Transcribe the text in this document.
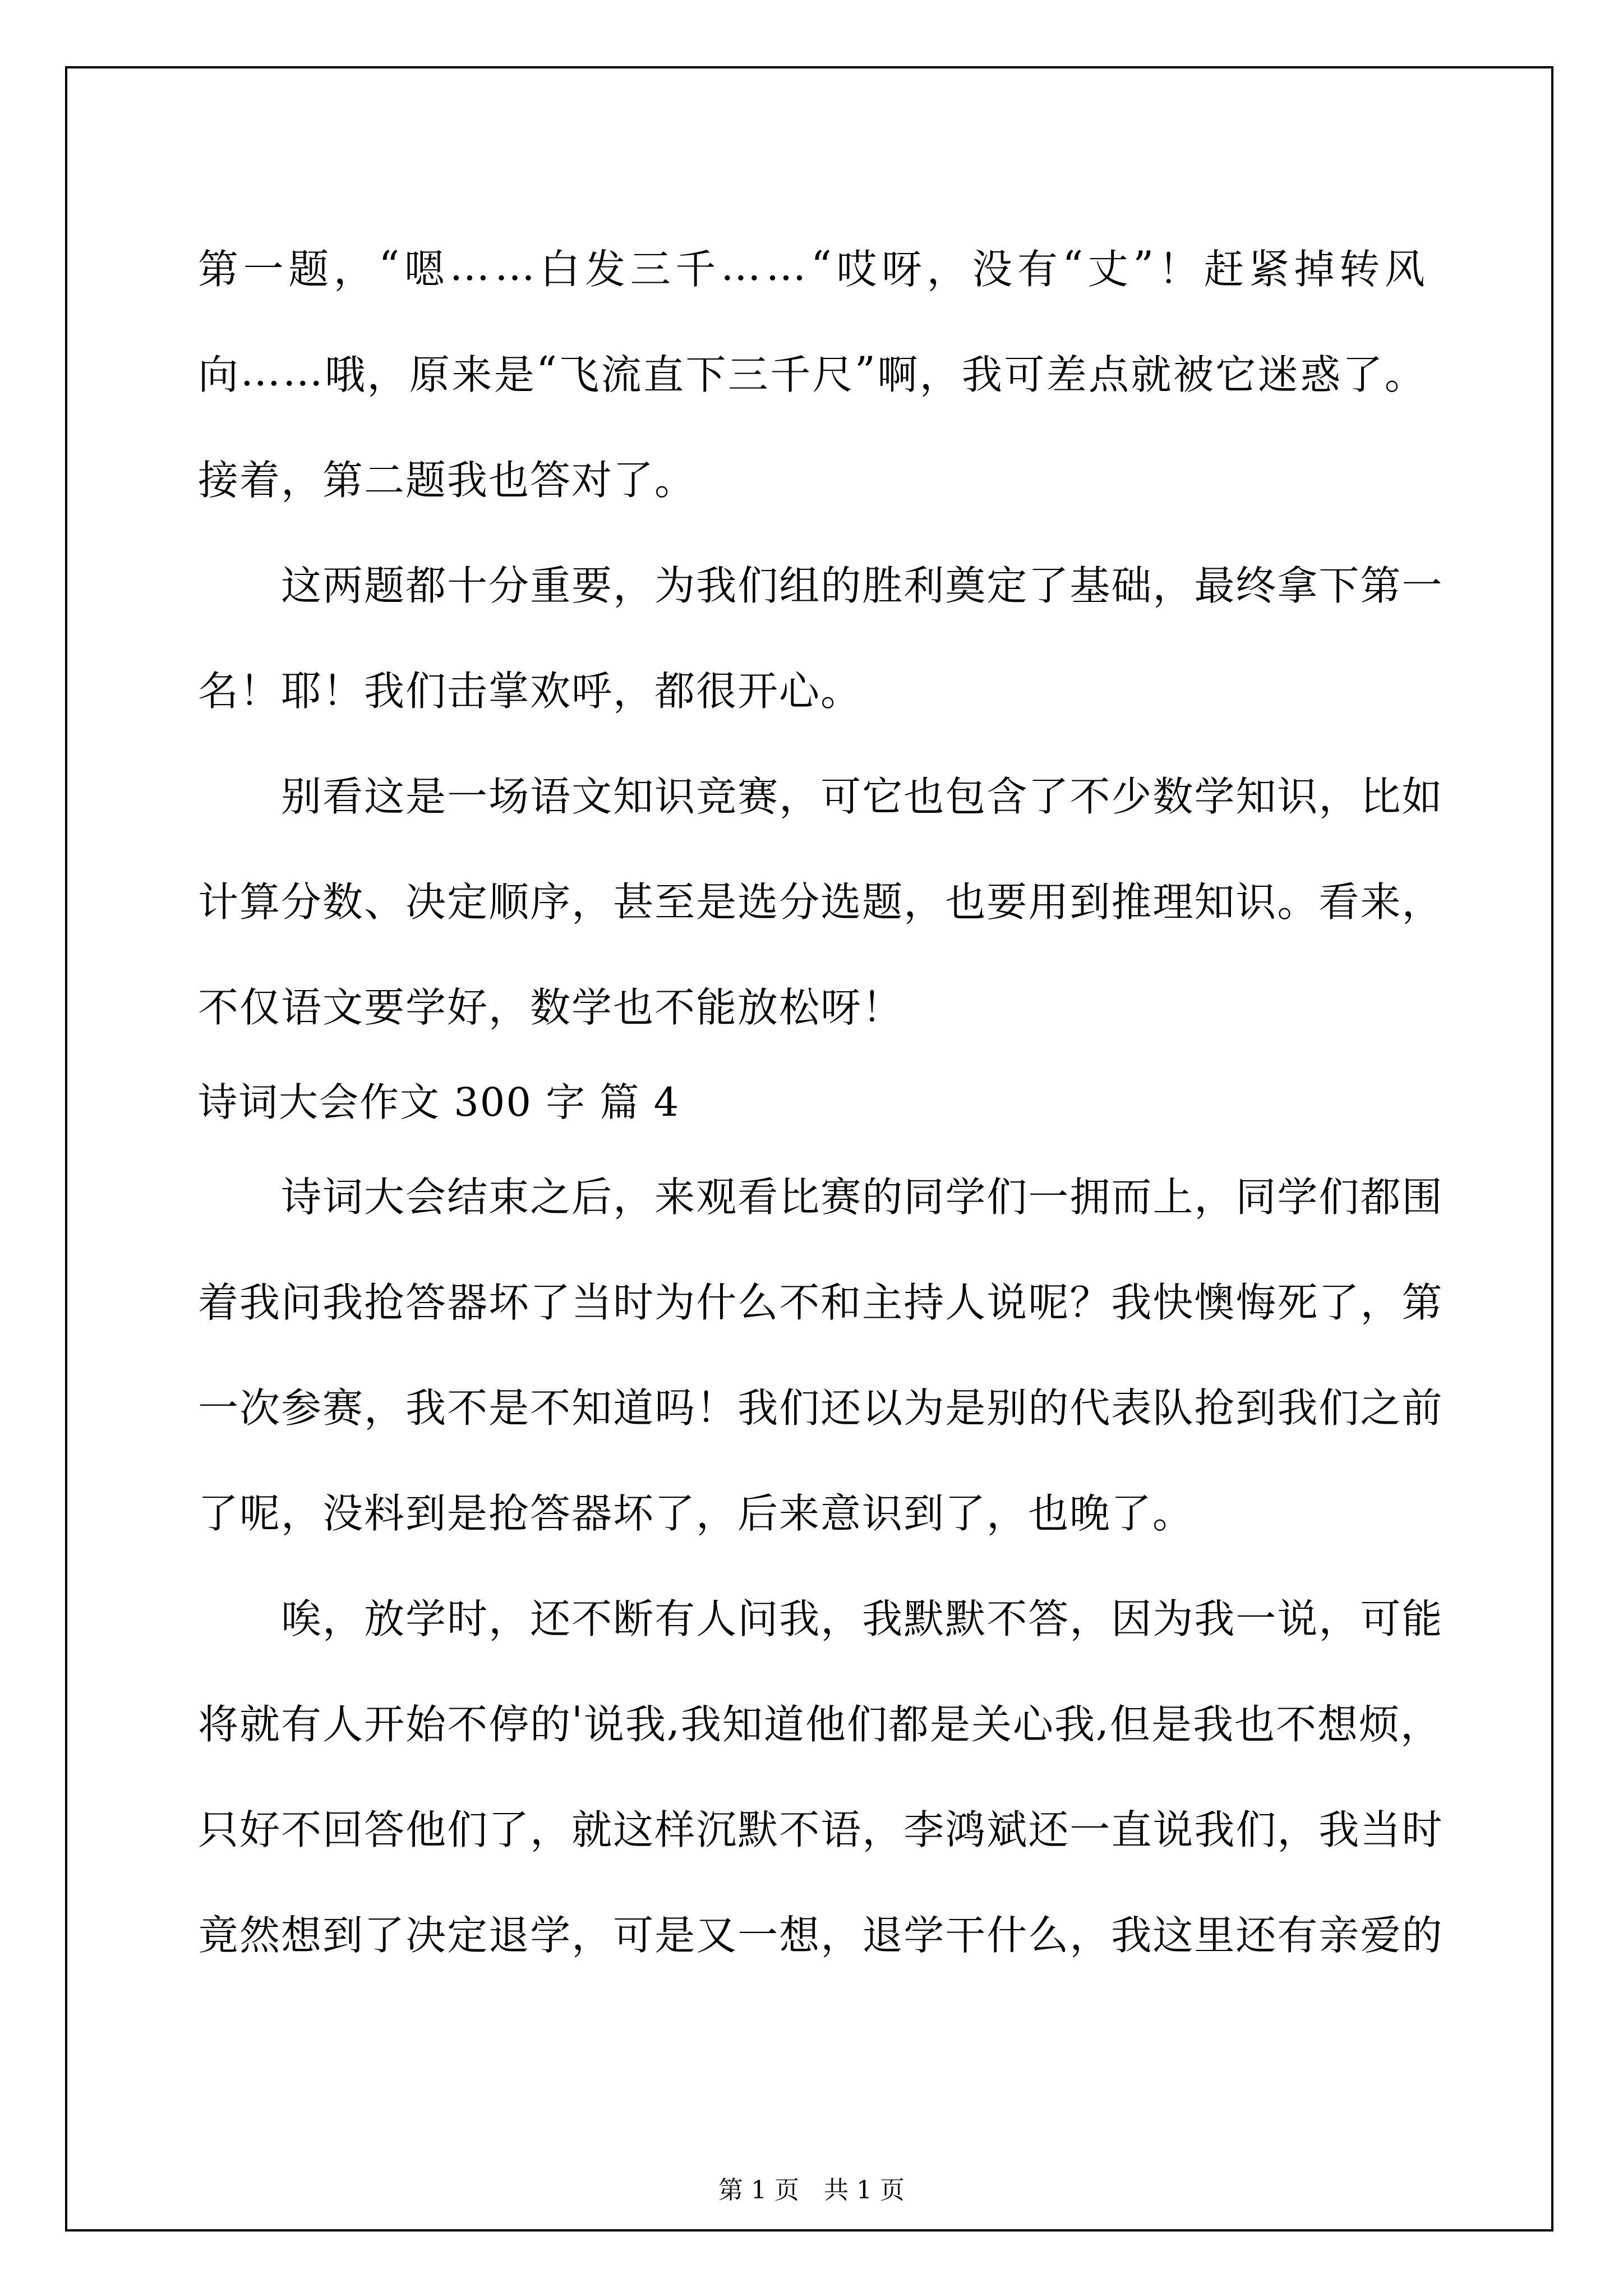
第 一 题 ， “ 嗯 … … 白 发 三 千 … … “ 哎 呀 ， 没 有 “ 丈 ” ！ 赶 紧 掉 转 风
向 … … 哦 ， 原 来 是 “ 飞 流 直 下 三 千 尺 ” 啊 ， 我 可 差 点 就 被 它 迷 惑 了 。
接着，第二题我也答对了。

这 两 题 都 十 分 重 要 ， 为 我 们 组 的 胜 利 奠 定 了 基 础 ， 最 终 拿 下 第 一
名！耶！我们击掌欢呼，都很开心。

别 看 这 是 一 场 语 文 知 识 竞 赛 ， 可 它 也 包 含 了 不 少 数 学 知 识 ， 比 如
计 算 分 数 、 决 定 顺 序 ， 甚 至 是 选 分 选 题 ， 也 要 用 到 推 理 知 识 。 看 来 ，
不仅语文要学好，数学也不能放松呀！
诗词大会作文 300 字 篇 4

诗 词 大 会 结 束 之 后 ， 来 观 看 比 赛 的 同 学 们 一 拥 而 上 ， 同 学 们 都 围
着 我 问 我 抢 答 器 坏 了 当 时 为 什 么 不 和 主 持 人 说 呢 ？ 我 快 懊 悔 死 了 ， 第
一 次 参 赛 ， 我 不 是 不 知 道 吗 ！ 我 们 还 以 为 是 别 的 代 表 队 抢 到 我 们 之 前
了呢，没料到是抢答器坏了，后来意识到了，也晚了。

唉 ， 放 学 时 ， 还 不 断 有 人 问 我 ， 我 默 默 不 答 ， 因 为 我 一 说 ， 可 能
将 就 有 人 开 始 不 停 的 ' 说 我 , 我 知 道 他 们 都 是 关 心 我 , 但 是 我 也 不 想 烦 ，
只 好 不 回 答 他 们 了 ， 就 这 样 沉 默 不 语 ， 李 鸿 斌 还 一 直 说 我 们 ， 我 当 时
竟 然 想 到 了 决 定 退 学 ， 可 是 又 一 想 ， 退 学 干 什 么 ， 我 这 里 还 有 亲 爱 的
第 1 页　共 1 页
